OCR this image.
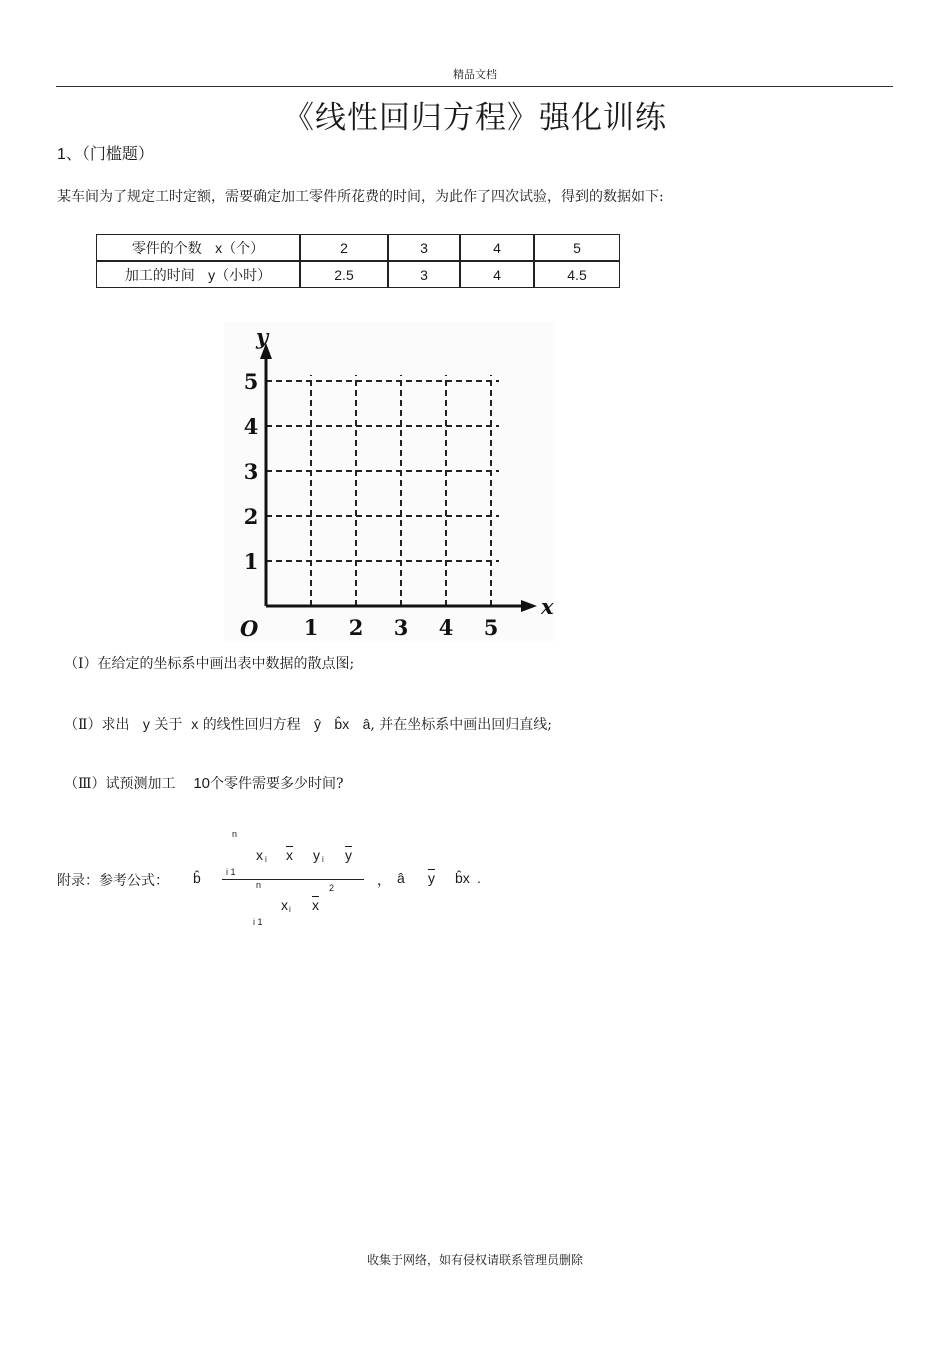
精品文档
《线性回归方程》强化训练
1、（门槛题）
某车间为了规定工时定额，需要确定加工零件所花费的时间，为此作了四次试验，得到的数据如下:
零件的个数 x（个）	2	3	4	5
加工的时间 y（小时）	2.5	3	4	4.5
1 2 3 4 5
1
2
3
4
5
O
x
y
（Ⅰ）在给定的坐标系中画出表中数据的散点图;
（Ⅱ）求出 y 关于 x 的线性回归方程 ŷ b̂x â, 并在坐标系中画出回归直线;
（Ⅲ）试预测加工 10个零件需要多少时间?
附录：参考公式： b̂
n
i 1
x i $\overline{x}$ y i $\overline{y}$
n
x i $\overline{x}$
2
i 1
， â $\overline{y}$ b̂x .
收集于网络，如有侵权请联系管理员删除
